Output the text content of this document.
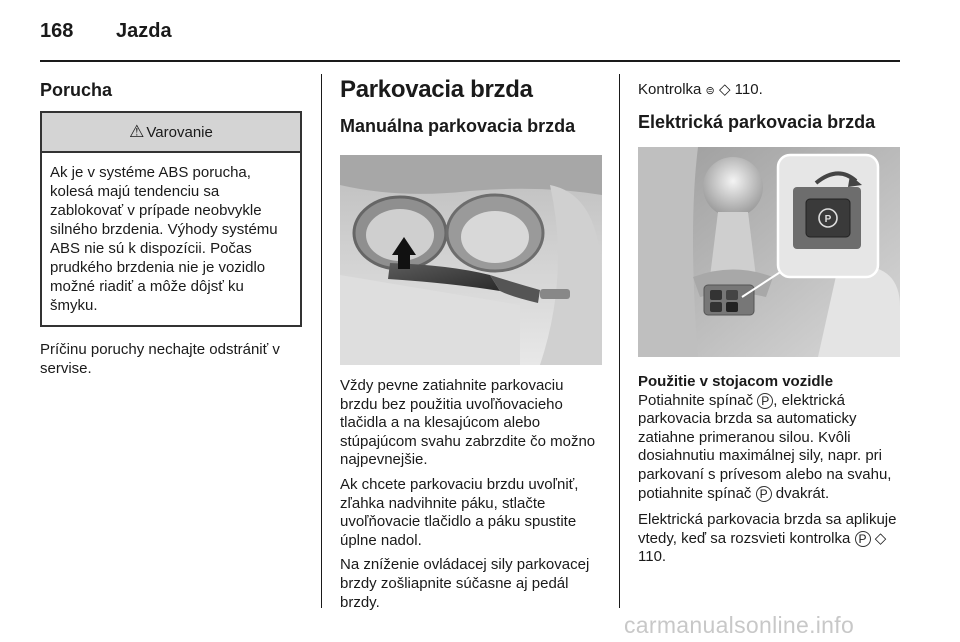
168 Jazda
Porucha
⚠ Varovanie
Ak je v systéme ABS porucha, kolesá majú tendenciu sa zablokovať v prípade neobvykle silného brzdenia. Výhody systému ABS nie sú k dispozícii. Počas prudkého brzdenia nie je vozidlo možné riadiť a môže dôjsť ku šmyku.

Príčinu poruchy nechajte odstrániť v servise.

Parkovacia brzda
Manuálna parkovacia brzda

Vždy pevne zatiahnite parkovaciu brzdu bez použitia uvoľňovacieho tlačidla a na klesajúcom alebo stúpajúcom svahu zabrzdite čo možno najpevnejšie.

Ak chcete parkovaciu brzdu uvoľniť, zľahka nadvihnite páku, stlačte uvoľňovacie tlačidlo a páku spustite úplne nadol.

Na zníženie ovládacej sily parkovacej brzdy zošliapnite súčasne aj pedál brzdy.

Kontrolka ⊜ ◇ 110.
Elektrická parkovacia brzda
P
Použitie v stojacom vozidle

Potiahnite spínač P , elektrická parkovacia brzda sa automaticky zatiahne primeranou silou. Kvôli dosiahnutiu maximálnej sily, napr. pri parkovaní s prívesom alebo na svahu, potiahnite spínač P dvakrát.

Elektrická parkovacia brzda sa aplikuje vtedy, keď sa rozsvieti kontrolka P ◇ 110.

carmanualsonline.info
